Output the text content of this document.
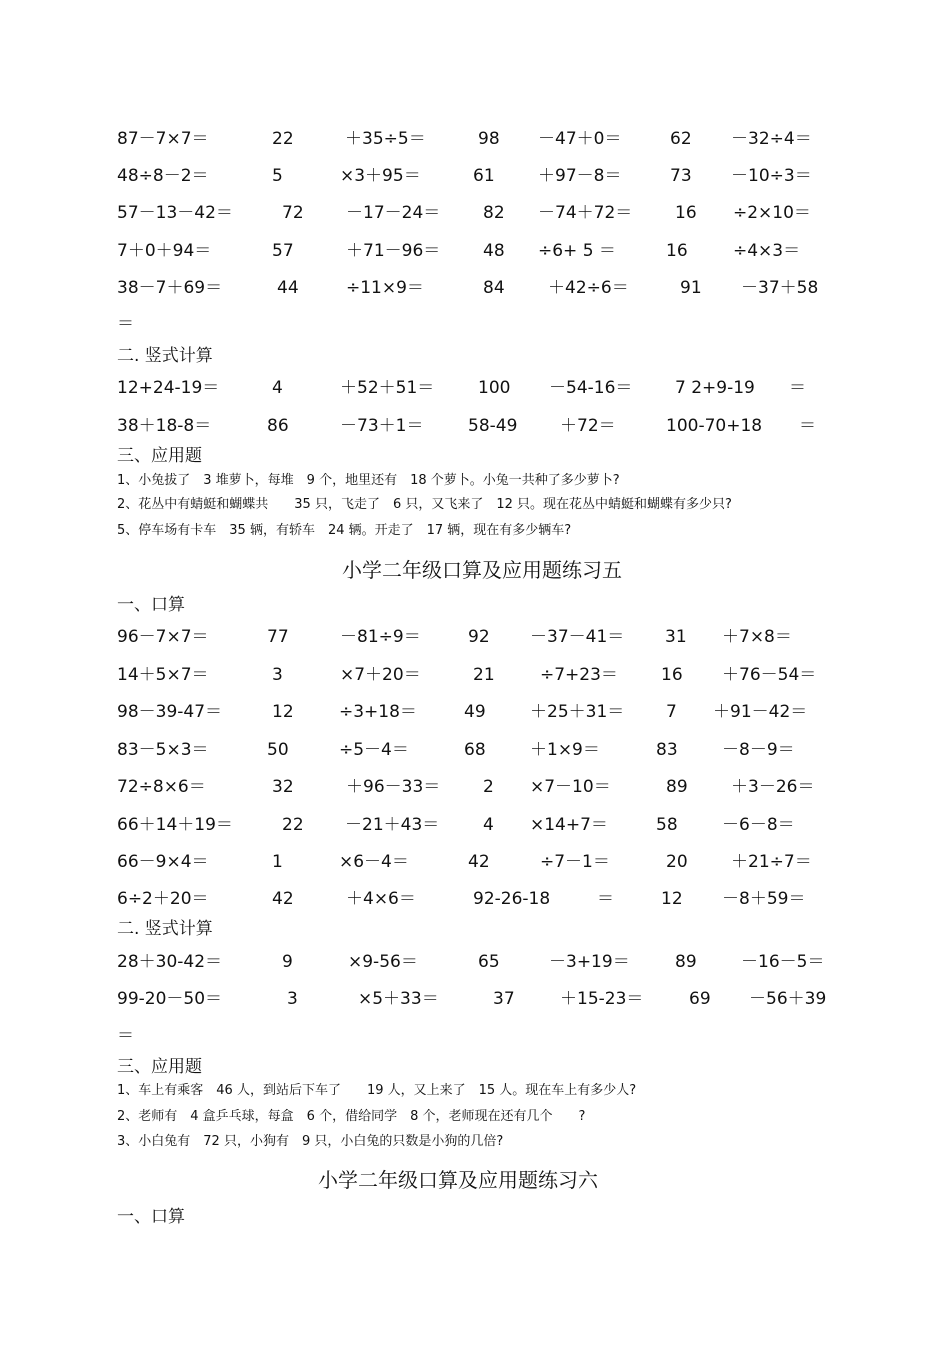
87－7×7＝	22	＋35÷5＝	98 －47＋0＝	62 －32÷4＝
48÷8－2＝	5	×3＋95＝	61	＋97－8＝	73 －10÷3＝
57－13－42＝	72 －17－24＝	82 －74＋72＝	16 ÷2×10＝
7＋0＋94＝	57	＋71－96＝	48 ÷6+ 5 ＝	16	÷4×3＝
38－7＋69＝	44	÷11×9＝	84	＋42÷6＝	91 －37＋58
＝
二. 竖式计算
12+24-19＝	4	＋52＋51＝	100 －54-16＝	7 2+9-19 ＝
38＋18-8＝	86	－73＋1＝	58-49	＋72＝	100-70+18 ＝
三、应用题
1、小兔拔了　3 堆萝卜，每堆　9 个，地里还有　18 个萝卜。小兔一共种了多少萝卜?
2、花丛中有蜻蜓和蝴蝶共　　35 只，飞走了　6 只，又飞来了　12 只。现在花丛中蜻蜓和蝴蝶有多少只?
5、停车场有卡车　35 辆，有轿车　24 辆。开走了　17 辆，现在有多少辆车?
小学二年级口算及应用题练习五
一、口算
96－7×7＝	77	－81÷9＝	92 －37－41＝ 31 ＋7×8＝
14＋5×7＝	3	×7＋20＝	21	÷7+23＝	16 ＋76－54＝
98－39-47＝	12	÷3+18＝	49	＋25＋31＝ 7 ＋91－42＝
83－5×3＝	50	÷5－4＝	68	＋1×9＝	83	－8－9＝
72÷8×6＝	32	＋96－33＝	2 ×7－10＝	89	＋3－26＝
66＋14＋19＝	22 －21＋43＝	4 ×14+7＝	58	－6－8＝
66－9×4＝	1	×6－4＝	42	÷7－1＝	20	＋21÷7＝
6÷2＋20＝	42	＋4×6＝	92-26-18	＝	12 －8＋59＝
二. 竖式计算
28＋30-42＝	9	×9-56＝	65	－3+19＝	89	－16－5＝
99-20－50＝	3	×5＋33＝	37	＋15-23＝	69 －56＋39
＝
三、应用题
1、车上有乘客　46 人，到站后下车了　　19 人，又上来了　15 人。现在车上有多少人?
2、老师有　4 盒乒乓球，每盒　6 个，借给同学　8 个，老师现在还有几个　　?
3、小白兔有　72 只，小狗有　9 只，小白兔的只数是小狗的几倍?
小学二年级口算及应用题练习六
一、口算
